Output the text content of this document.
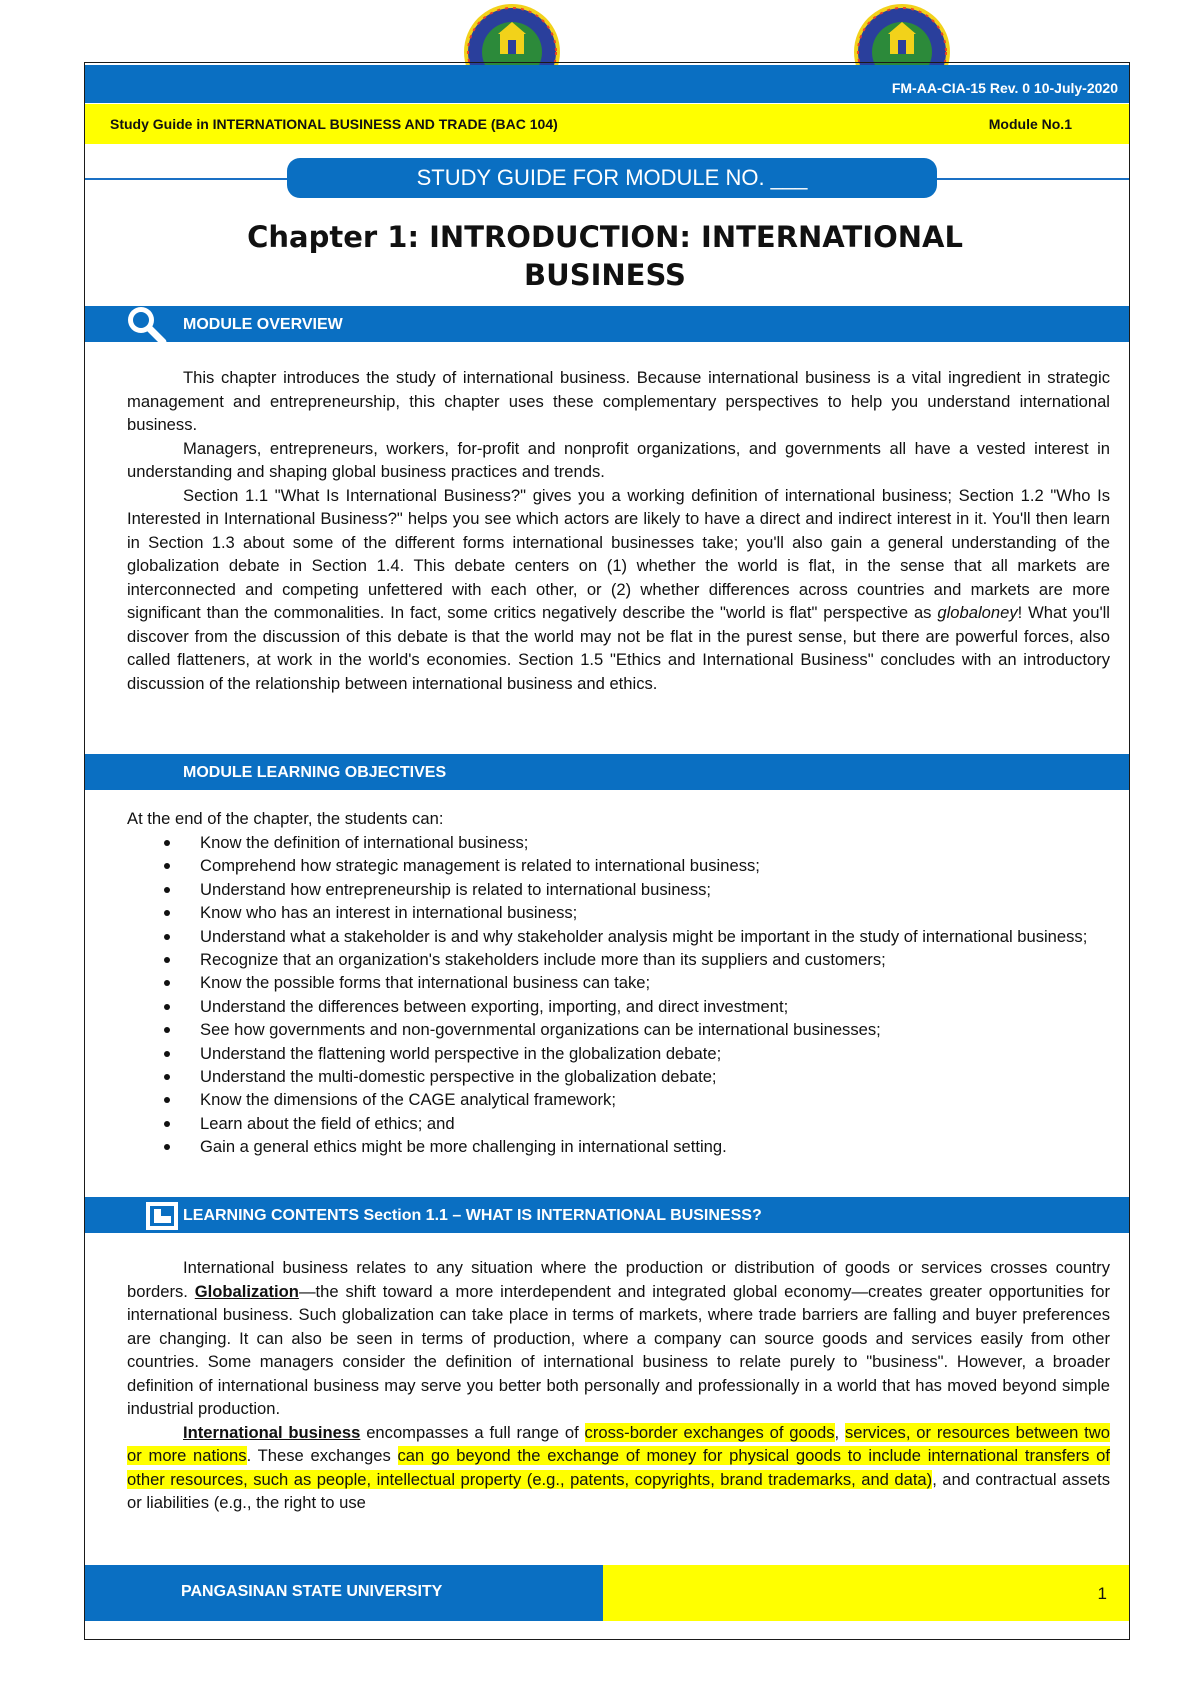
FM-AA-CIA-15 Rev. 0 10-July-2020
Study Guide in INTERNATIONAL BUSINESS AND TRADE (BAC 104)	Module No.1
STUDY GUIDE FOR MODULE NO. ___
Chapter 1: INTRODUCTION: INTERNATIONAL
BUSINESS
MODULE OVERVIEW

This chapter introduces the study of international business. Because international business is a vital ingredient in strategic management and entrepreneurship, this chapter uses these complementary perspectives to help you understand international business.

Managers, entrepreneurs, workers, for-profit and nonprofit organizations, and governments all have a vested interest in understanding and shaping global business practices and trends.

Section 1.1 "What Is International Business?" gives you a working definition of international business; Section 1.2 "Who Is Interested in International Business?" helps you see which actors are likely to have a direct and indirect interest in it. You'll then learn in Section 1.3 about some of the different forms international businesses take; you'll also gain a general understanding of the globalization debate in Section 1.4. This debate centers on (1) whether the world is flat, in the sense that all markets are interconnected and competing unfettered with each other, or (2) whether differences across countries and markets are more significant than the commonalities. In fact, some critics negatively describe the "world is flat" perspective as globaloney! What you'll discover from the discussion of this debate is that the world may not be flat in the purest sense, but there are powerful forces, also called flatteners, at work in the world's economies. Section 1.5 "Ethics and International Business" concludes with an introductory discussion of the relationship between international business and ethics.

MODULE LEARNING OBJECTIVES
At the end of the chapter, the students can:
Know the definition of international business;
Comprehend how strategic management is related to international business;
Understand how entrepreneurship is related to international business;
Know who has an interest in international business;
Understand what a stakeholder is and why stakeholder analysis might be important in the study of international business;
Recognize that an organization's stakeholders include more than its suppliers and customers;
Know the possible forms that international business can take;
Understand the differences between exporting, importing, and direct investment;
See how governments and non-governmental organizations can be international businesses;
Understand the flattening world perspective in the globalization debate;
Understand the multi-domestic perspective in the globalization debate;
Know the dimensions of the CAGE analytical framework;
Learn about the field of ethics; and
Gain a general ethics might be more challenging in international setting.
LEARNING CONTENTS Section 1.1 – WHAT IS INTERNATIONAL BUSINESS?

International business relates to any situation where the production or distribution of goods or services crosses country borders. Globalization—the shift toward a more interdependent and integrated global economy—creates greater opportunities for international business. Such globalization can take place in terms of markets, where trade barriers are falling and buyer preferences are changing. It can also be seen in terms of production, where a company can source goods and services easily from other countries. Some managers consider the definition of international business to relate purely to "business". However, a broader definition of international business may serve you better both personally and professionally in a world that has moved beyond simple industrial production.

International business encompasses a full range of cross-border exchanges of goods, services, or resources between two or more nations. These exchanges can go beyond the exchange of money for physical goods to include international transfers of other resources, such as people, intellectual property (e.g., patents, copyrights, brand trademarks, and data), and contractual assets or liabilities (e.g., the right to use

PANGASINAN STATE UNIVERSITY	1
